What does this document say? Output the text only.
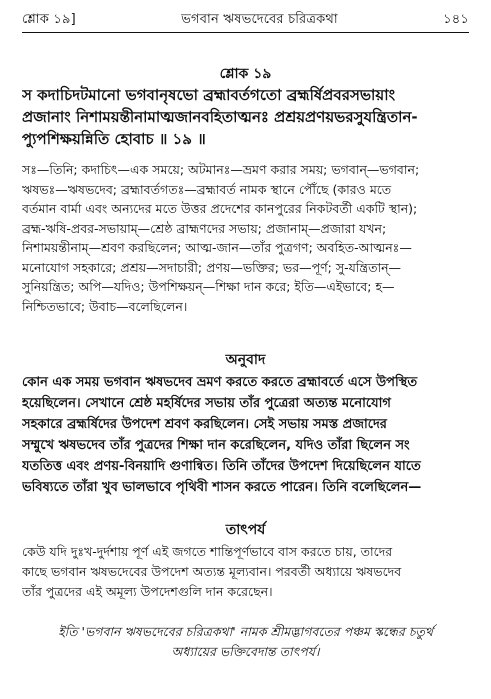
শ্লোক ১৯]	ভগবান ঋষভদেবের চরিত্রকথা	১৪১
শ্লোক ১৯
স কদাচিদটমানো ভগবানৃষভো ব্রহ্মাবর্তগতো ব্রহ্মর্ষিপ্রবরসভায়াং
প্রজানাং নিশাময়ন্তীনামাত্মজানবহিতাত্মনঃ প্রশ্রয়প্রণয়ভরসুযন্ত্রিতান-
প্যুপশিক্ষয়ন্নিতি হোবাচ ॥ ১৯ ॥
সঃ—তিনি; কদাচিৎ—এক সময়ে; অটমানঃ—ভ্রমণ করার সময়; ভগবান্—ভগবান;
ঋষভঃ—ঋষভদেব; ব্রহ্মাবর্তগতঃ—ব্রহ্মাবর্ত নামক স্থানে পৌঁছে (কারও মতে
বর্তমান বার্মা এবং অন্যদের মতে উত্তর প্রদেশের কানপুরের নিকটবর্তী একটি স্থান);
ব্রহ্ম-ঋষি-প্রবর-সভায়াম্—শ্রেষ্ঠ ব্রাহ্মণদের সভায়; প্রজানাম্—প্রজারা যখন;
নিশাময়ন্তীনাম্—শ্রবণ করছিলেন; আত্ম-জান—তাঁর পুত্রগণ; অবহিত-আত্মনঃ—
মনোযোগ সহকারে; প্রশ্রয়—সদাচারী; প্রণয়—ভক্তির; ভর—পূর্ণ; সু-যন্ত্রিতান্—
সুনিয়ন্ত্রিত; অপি—যদিও; উপশিক্ষয়ন্—শিক্ষা দান করে; ইতি—এইভাবে; হ—
নিশ্চিতভাবে; উবাচ—বলেছিলেন।
অনুবাদ
কোন এক সময় ভগবান ঋষভদেব ভ্রমণ করতে করতে ব্রহ্মাবর্তে এসে উপস্থিত
হয়েছিলেন। সেখানে শ্রেষ্ঠ মহর্ষিদের সভায় তাঁর পুত্রেরা অত্যন্ত মনোযোগ
সহকারে ব্রহ্মর্ষিদের উপদেশ শ্রবণ করছিলেন। সেই সভায় সমস্ত প্রজাদের
সম্মুখে ঋষভদেব তাঁর পুত্রদের শিক্ষা দান করেছিলেন, যদিও তাঁরা ছিলেন সং
যততিত্ত এবং প্রণয়-বিনয়াদি গুণান্বিত। তিনি তাঁদের উপদেশ দিয়েছিলেন যাতে
ভবিষ্যতে তাঁরা খুব ভালভাবে পৃথিবী শাসন করতে পারেন। তিনি বলেছিলেন—
তাৎপর্য
কেউ যদি দুঃখ-দুর্দশায় পূর্ণ এই জগতে শান্তিপূর্ণভাবে বাস করতে চায়, তাদের
কাছে ভগবান ঋষভদেবের উপদেশ অত্যন্ত মূল্যবান। পরবর্তী অধ্যায়ে ঋষভদেব
তাঁর পুত্রদের এই অমূল্য উপদেশগুলি দান করেছেন।
ইতি 'ভগবান ঋষভদেবের চরিত্রকথা' নামক শ্রীমদ্ভাগবতের পঞ্চম স্কন্ধের চতুর্থ
অধ্যায়ের ভক্তিবেদান্ত তাৎপর্য।
